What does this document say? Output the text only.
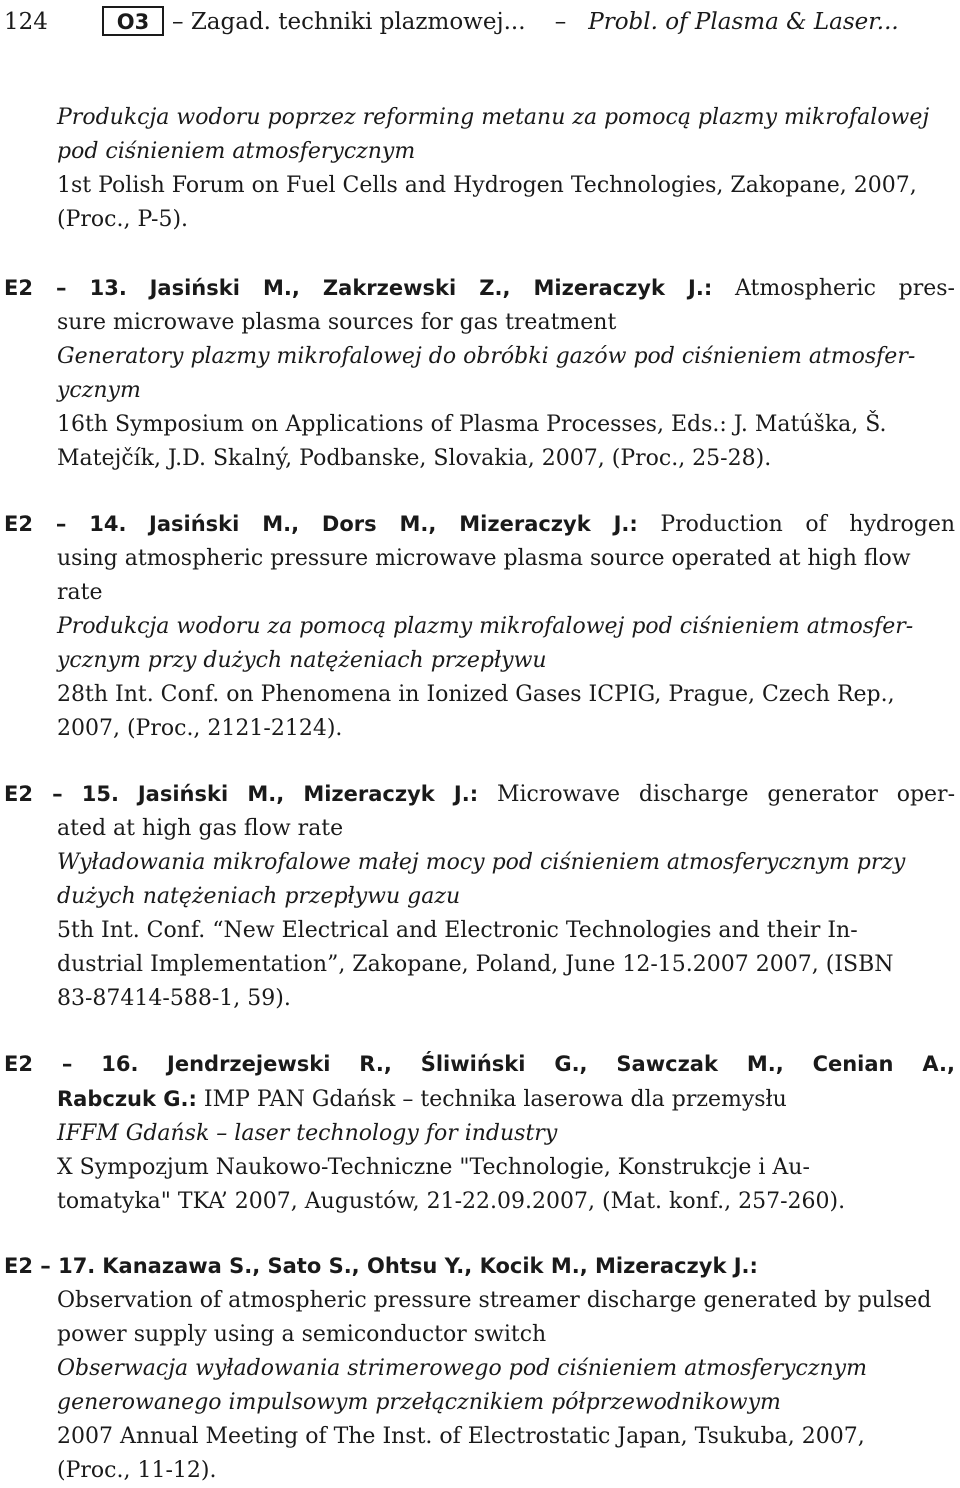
124	O3 – Zagad. techniki plazmowej... – Probl. of Plasma & Laser...
Produkcja wodoru poprzez reforming metanu za pomocą plazmy mikrofalowej
pod ciśnieniem atmosferycznym
1st Polish Forum on Fuel Cells and Hydrogen Technologies, Zakopane, 2007,
(Proc., P-5).
E2 – 13. Jasiński M., Zakrzewski Z., Mizeraczyk J.: Atmospheric pres-
sure microwave plasma sources for gas treatment
Generatory plazmy mikrofalowej do obróbki gazów pod ciśnieniem atmosfer-
ycznym
16th Symposium on Applications of Plasma Processes, Eds.: J. Matúška, Š.
Matejčík, J.D. Skalný, Podbanske, Slovakia, 2007, (Proc., 25-28).
E2 – 14. Jasiński M., Dors M., Mizeraczyk J.: Production of hydrogen
using atmospheric pressure microwave plasma source operated at high flow
rate
Produkcja wodoru za pomocą plazmy mikrofalowej pod ciśnieniem atmosfer-
ycznym przy dużych natężeniach przepływu
28th Int. Conf. on Phenomena in Ionized Gases ICPIG, Prague, Czech Rep.,
2007, (Proc., 2121-2124).
E2 – 15. Jasiński M., Mizeraczyk J.: Microwave discharge generator oper-
ated at high gas flow rate
Wyładowania mikrofalowe małej mocy pod ciśnieniem atmosferycznym przy
dużych natężeniach przepływu gazu
5th Int. Conf. “New Electrical and Electronic Technologies and their In-
dustrial Implementation”, Zakopane, Poland, June 12-15.2007 2007, (ISBN
83-87414-588-1, 59).
E2 – 16. Jendrzejewski R., Śliwiński G., Sawczak M., Cenian A.,
Rabczuk G.: IMP PAN Gdańsk – technika laserowa dla przemysłu
IFFM Gdańsk – laser technology for industry
X Sympozjum Naukowo-Techniczne "Technologie, Konstrukcje i Au-
tomatyka" TKA’ 2007, Augustów, 21-22.09.2007, (Mat. konf., 257-260).
E2 – 17. Kanazawa S., Sato S., Ohtsu Y., Kocik M., Mizeraczyk J.:
Observation of atmospheric pressure streamer discharge generated by pulsed
power supply using a semiconductor switch
Obserwacja wyładowania strimerowego pod ciśnieniem atmosferycznym
generowanego impulsowym przełącznikiem półprzewodnikowym
2007 Annual Meeting of The Inst. of Electrostatic Japan, Tsukuba, 2007,
(Proc., 11-12).
